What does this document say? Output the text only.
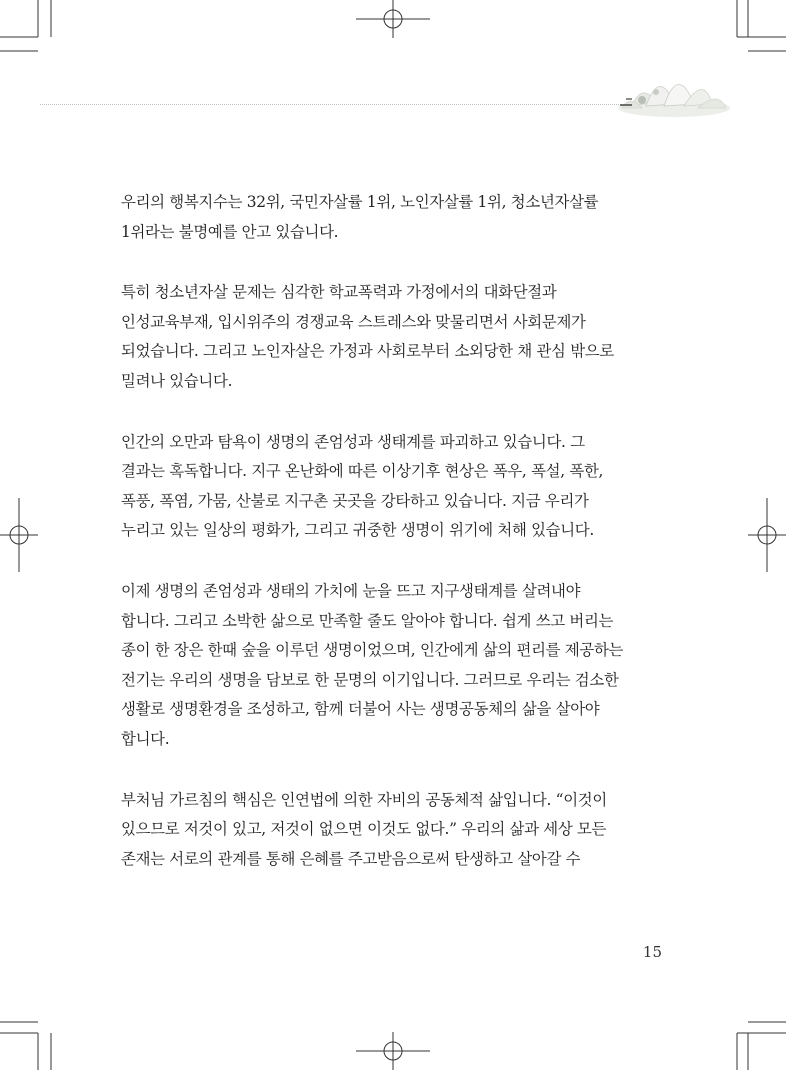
우리의 행복지수는 32위, 국민자살률 1위, 노인자살률 1위, 청소년자살률
1위라는 불명예를 안고 있습니다.

특히 청소년자살 문제는 심각한 학교폭력과 가정에서의 대화단절과
인성교육부재, 입시위주의 경쟁교육 스트레스와 맞물리면서 사회문제가
되었습니다. 그리고 노인자살은 가정과 사회로부터 소외당한 채 관심 밖으로
밀려나 있습니다.

인간의 오만과 탐욕이 생명의 존엄성과 생태계를 파괴하고 있습니다. 그
결과는 혹독합니다. 지구 온난화에 따른 이상기후 현상은 폭우, 폭설, 폭한,
폭풍, 폭염, 가뭄, 산불로 지구촌 곳곳을 강타하고 있습니다. 지금 우리가
누리고 있는 일상의 평화가, 그리고 귀중한 생명이 위기에 처해 있습니다.

이제 생명의 존엄성과 생태의 가치에 눈을 뜨고 지구생태계를 살려내야
합니다. 그리고 소박한 삶으로 만족할 줄도 알아야 합니다. 쉽게 쓰고 버리는
종이 한 장은 한때 숲을 이루던 생명이었으며, 인간에게 삶의 편리를 제공하는
전기는 우리의 생명을 담보로 한 문명의 이기입니다. 그러므로 우리는 검소한
생활로 생명환경을 조성하고, 함께 더불어 사는 생명공동체의 삶을 살아야
합니다.

부처님 가르침의 핵심은 인연법에 의한 자비의 공동체적 삶입니다. “이것이
있으므로 저것이 있고, 저것이 없으면 이것도 없다.” 우리의 삶과 세상 모든
존재는 서로의 관계를 통해 은혜를 주고받음으로써 탄생하고 살아갈 수

15
